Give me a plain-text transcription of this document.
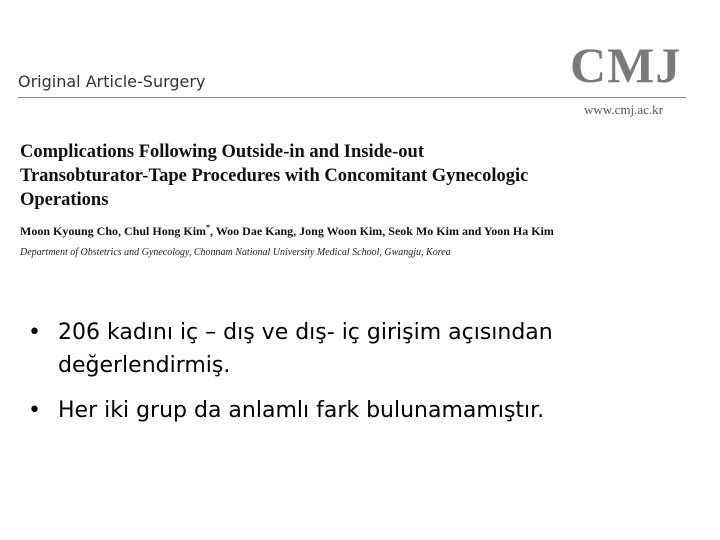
Original Article-Surgery	CMJ
www.cmj.ac.kr
Complications Following Outside-in and Inside-out
Transobturator-Tape Procedures with Concomitant Gynecologic
Operations
Moon Kyoung Cho, Chul Hong Kim*, Woo Dae Kang, Jong Woon Kim, Seok Mo Kim and Yoon Ha Kim
Department of Obstetrics and Gynecology, Chonnam National University Medical School, Gwangju, Korea
• 206 kadını iç – dış ve dış- iç girişim açısından değerlendirmiş.
• Her iki grup da anlamlı fark bulunamamıştır.
